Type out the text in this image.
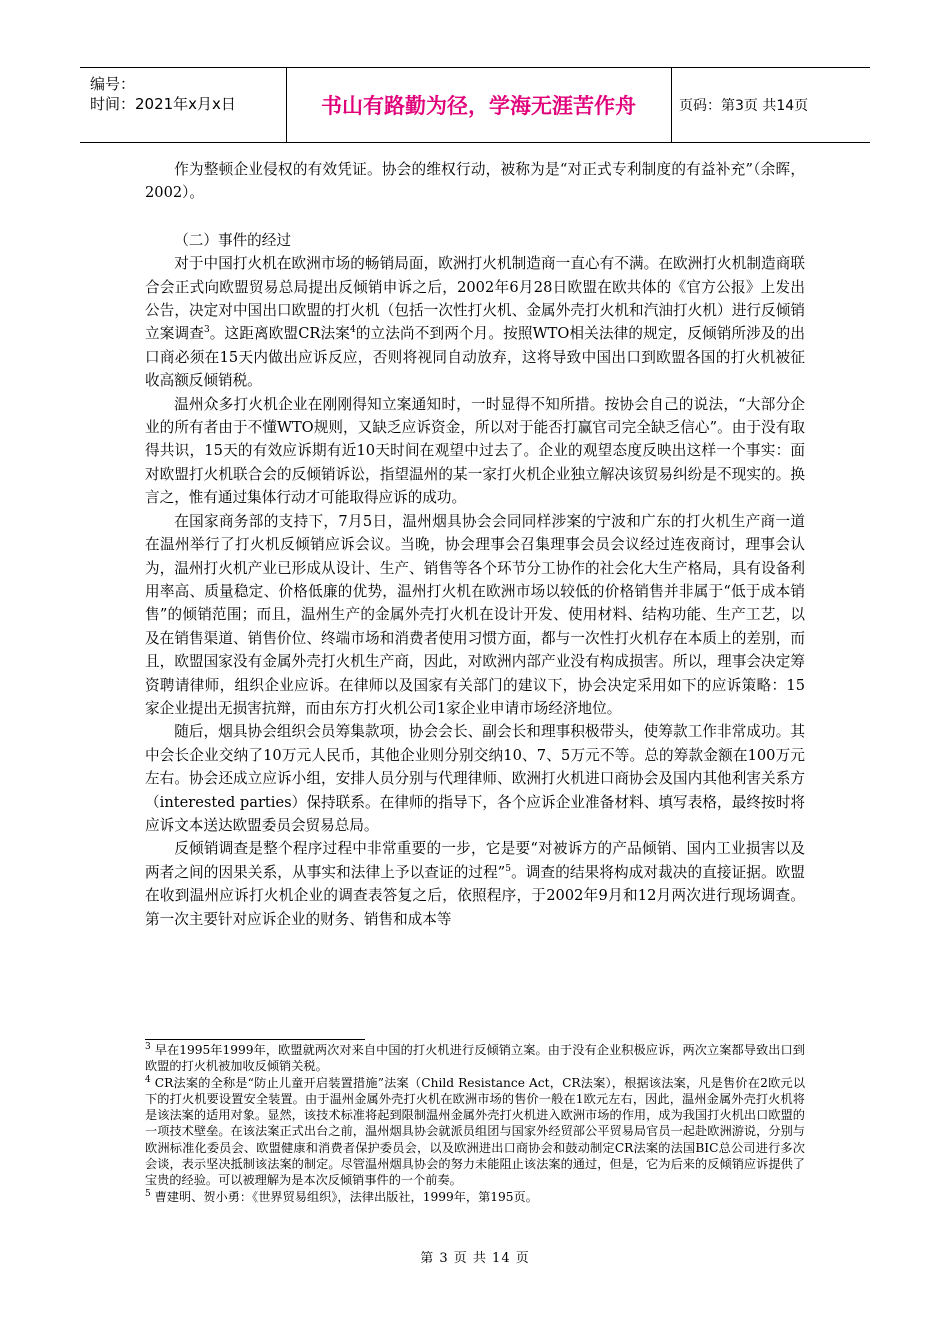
编号：
时间：2021年x月x日	书山有路勤为径，学海无涯苦作舟	页码：第3页 共14页

作为整顿企业侵权的有效凭证。协会的维权行动，被称为是“对正式专利制度的有益补充”（余晖，2002）。

（二）事件的经过

对于中国打火机在欧洲市场的畅销局面，欧洲打火机制造商一直心有不满。在欧洲打火机制造商联合会正式向欧盟贸易总局提出反倾销申诉之后，2002年6月28日欧盟在欧共体的《官方公报》上发出公告，决定对中国出口欧盟的打火机（包括一次性打火机、金属外壳打火机和汽油打火机）进行反倾销立案调查$^3$。这距离欧盟CR法案$^4$的立法尚不到两个月。按照WTO相关法律的规定，反倾销所涉及的出口商必须在15天内做出应诉反应，否则将视同自动放弃，这将导致中国出口到欧盟各国的打火机被征收高额反倾销税。

温州众多打火机企业在刚刚得知立案通知时，一时显得不知所措。按协会自己的说法，“大部分企业的所有者由于不懂WTO规则，又缺乏应诉资金，所以对于能否打赢官司完全缺乏信心”。由于没有取得共识，15天的有效应诉期有近10天时间在观望中过去了。企业的观望态度反映出这样一个事实：面对欧盟打火机联合会的反倾销诉讼，指望温州的某一家打火机企业独立解决该贸易纠纷是不现实的。换言之，惟有通过集体行动才可能取得应诉的成功。

在国家商务部的支持下，7月5日，温州烟具协会会同同样涉案的宁波和广东的打火机生产商一道在温州举行了打火机反倾销应诉会议。当晚，协会理事会召集理事会员会议经过连夜商讨，理事会认为，温州打火机产业已形成从设计、生产、销售等各个环节分工协作的社会化大生产格局，具有设备利用率高、质量稳定、价格低廉的优势，温州打火机在欧洲市场以较低的价格销售并非属于“低于成本销售”的倾销范围；而且，温州生产的金属外壳打火机在设计开发、使用材料、结构功能、生产工艺，以及在销售渠道、销售价位、终端市场和消费者使用习惯方面，都与一次性打火机存在本质上的差别，而且，欧盟国家没有金属外壳打火机生产商，因此，对欧洲内部产业没有构成损害。所以，理事会决定筹资聘请律师，组织企业应诉。在律师以及国家有关部门的建议下，协会决定采用如下的应诉策略：15家企业提出无损害抗辩，而由东方打火机公司1家企业申请市场经济地位。

随后，烟具协会组织会员筹集款项，协会会长、副会长和理事积极带头，使筹款工作非常成功。其中会长企业交纳了10万元人民币，其他企业则分别交纳10、7、5万元不等。总的筹款金额在100万元左右。协会还成立应诉小组，安排人员分别与代理律师、欧洲打火机进口商协会及国内其他利害关系方（interested parties）保持联系。在律师的指导下，各个应诉企业准备材料、填写表格，最终按时将应诉文本送达欧盟委员会贸易总局。

反倾销调查是整个程序过程中非常重要的一步，它是要“对被诉方的产品倾销、国内工业损害以及两者之间的因果关系，从事实和法律上予以查证的过程”$^5$。调查的结果将构成对裁决的直接证据。欧盟在收到温州应诉打火机企业的调查表答复之后，依照程序，于2002年9月和12月两次进行现场调查。第一次主要针对应诉企业的财务、销售和成本等

$^3$ 早在1995年1999年，欧盟就两次对来自中国的打火机进行反倾销立案。由于没有企业积极应诉，两次立案都导致出口到欧盟的打火机被加收反倾销关税。

$^4$ CR法案的全称是“防止儿童开启装置措施”法案（Child Resistance Act，CR法案），根据该法案，凡是售价在2欧元以下的打火机要设置安全装置。由于温州金属外壳打火机在欧洲市场的售价一般在1欧元左右，因此，温州金属外壳打火机将是该法案的适用对象。显然，该技术标准将起到限制温州金属外壳打火机进入欧洲市场的作用，成为我国打火机出口欧盟的一项技术壁垒。在该法案正式出台之前，温州烟具协会就派员组团与国家外经贸部公平贸易局官员一起赴欧洲游说，分别与欧洲标准化委员会、欧盟健康和消费者保护委员会，以及欧洲进出口商协会和鼓动制定CR法案的法国BIC总公司进行多次会谈，表示坚决抵制该法案的制定。尽管温州烟具协会的努力未能阻止该法案的通过，但是，它为后来的反倾销应诉提供了宝贵的经验。可以被理解为是本次反倾销事件的一个前奏。

$^5$ 曹建明、贺小勇：《世界贸易组织》，法律出版社，1999年，第195页。

第 3 页 共 14 页
